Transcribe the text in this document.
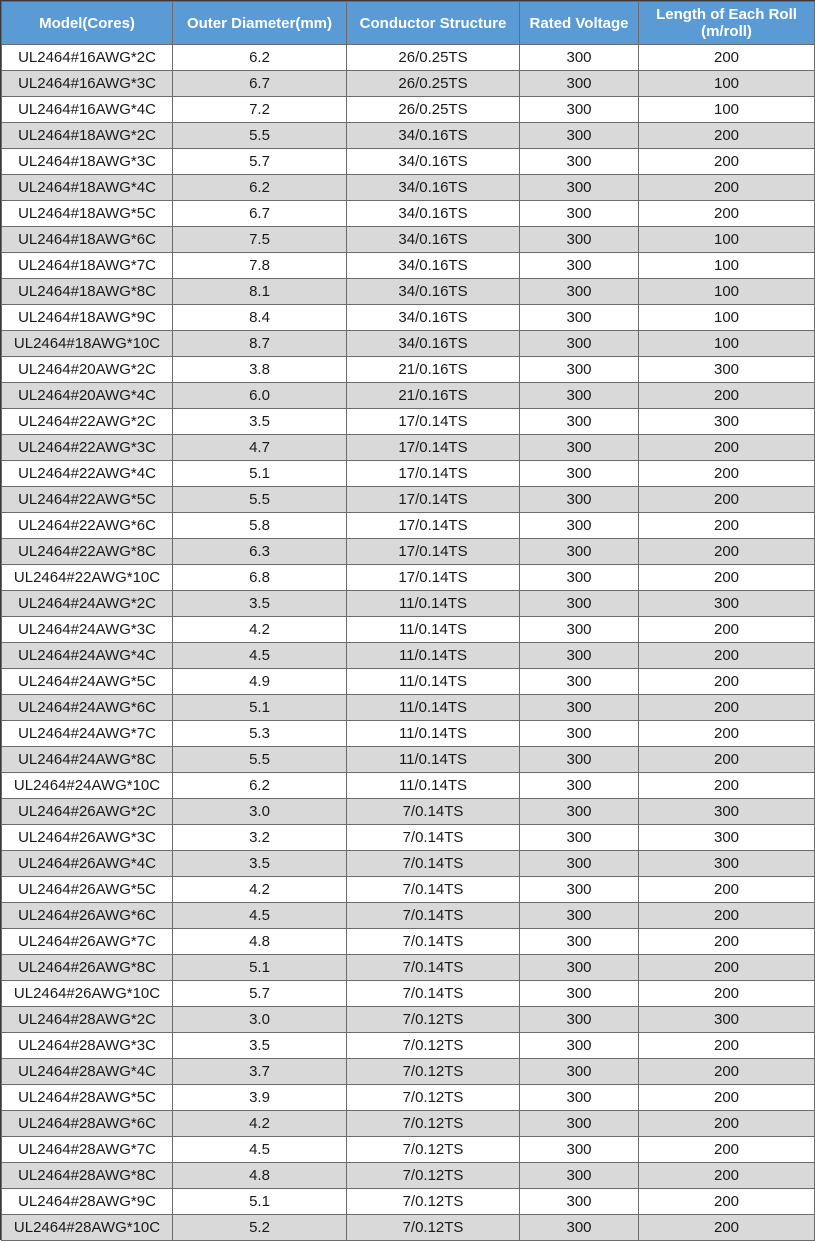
Model(Cores)	Outer Diameter(mm)	Conductor Structure	Rated Voltage	Length of Each Roll (m/roll)
UL2464#16AWG*2C	6.2	26/0.25TS	300	200
UL2464#16AWG*3C	6.7	26/0.25TS	300	100
UL2464#16AWG*4C	7.2	26/0.25TS	300	100
UL2464#18AWG*2C	5.5	34/0.16TS	300	200
UL2464#18AWG*3C	5.7	34/0.16TS	300	200
UL2464#18AWG*4C	6.2	34/0.16TS	300	200
UL2464#18AWG*5C	6.7	34/0.16TS	300	200
UL2464#18AWG*6C	7.5	34/0.16TS	300	100
UL2464#18AWG*7C	7.8	34/0.16TS	300	100
UL2464#18AWG*8C	8.1	34/0.16TS	300	100
UL2464#18AWG*9C	8.4	34/0.16TS	300	100
UL2464#18AWG*10C	8.7	34/0.16TS	300	100
UL2464#20AWG*2C	3.8	21/0.16TS	300	300
UL2464#20AWG*4C	6.0	21/0.16TS	300	200
UL2464#22AWG*2C	3.5	17/0.14TS	300	300
UL2464#22AWG*3C	4.7	17/0.14TS	300	200
UL2464#22AWG*4C	5.1	17/0.14TS	300	200
UL2464#22AWG*5C	5.5	17/0.14TS	300	200
UL2464#22AWG*6C	5.8	17/0.14TS	300	200
UL2464#22AWG*8C	6.3	17/0.14TS	300	200
UL2464#22AWG*10C	6.8	17/0.14TS	300	200
UL2464#24AWG*2C	3.5	11/0.14TS	300	300
UL2464#24AWG*3C	4.2	11/0.14TS	300	200
UL2464#24AWG*4C	4.5	11/0.14TS	300	200
UL2464#24AWG*5C	4.9	11/0.14TS	300	200
UL2464#24AWG*6C	5.1	11/0.14TS	300	200
UL2464#24AWG*7C	5.3	11/0.14TS	300	200
UL2464#24AWG*8C	5.5	11/0.14TS	300	200
UL2464#24AWG*10C	6.2	11/0.14TS	300	200
UL2464#26AWG*2C	3.0	7/0.14TS	300	300
UL2464#26AWG*3C	3.2	7/0.14TS	300	300
UL2464#26AWG*4C	3.5	7/0.14TS	300	300
UL2464#26AWG*5C	4.2	7/0.14TS	300	200
UL2464#26AWG*6C	4.5	7/0.14TS	300	200
UL2464#26AWG*7C	4.8	7/0.14TS	300	200
UL2464#26AWG*8C	5.1	7/0.14TS	300	200
UL2464#26AWG*10C	5.7	7/0.14TS	300	200
UL2464#28AWG*2C	3.0	7/0.12TS	300	300
UL2464#28AWG*3C	3.5	7/0.12TS	300	200
UL2464#28AWG*4C	3.7	7/0.12TS	300	200
UL2464#28AWG*5C	3.9	7/0.12TS	300	200
UL2464#28AWG*6C	4.2	7/0.12TS	300	200
UL2464#28AWG*7C	4.5	7/0.12TS	300	200
UL2464#28AWG*8C	4.8	7/0.12TS	300	200
UL2464#28AWG*9C	5.1	7/0.12TS	300	200
UL2464#28AWG*10C	5.2	7/0.12TS	300	200
